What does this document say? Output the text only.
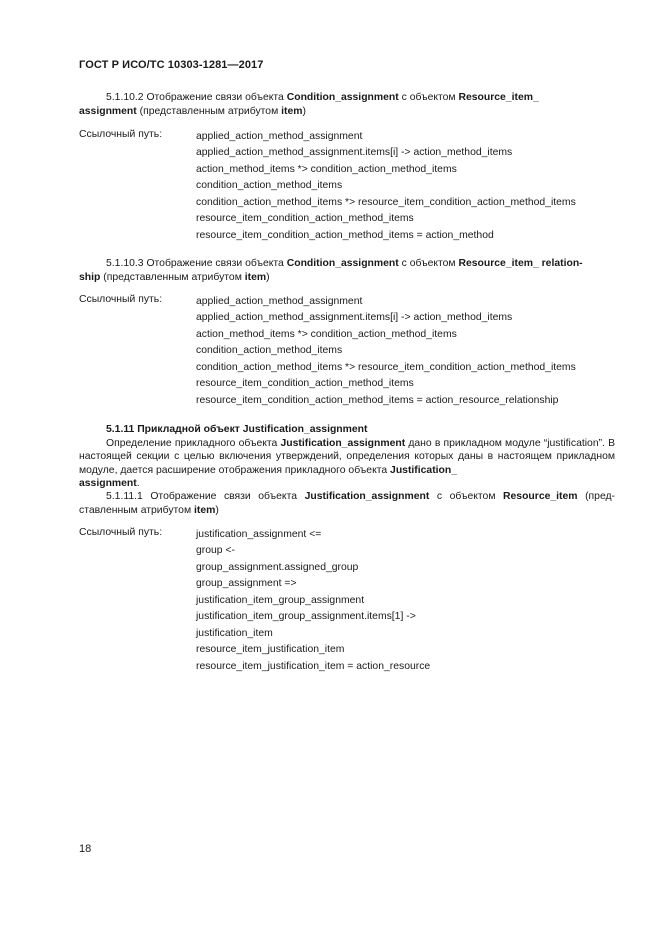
ГОСТ Р ИСО/ТС 10303-1281—2017
5.1.10.2 Отображение связи объекта Condition_assignment с объектом Resource_item_
assignment (представленным атрибутом item)
Ссылочный путь:	applied_action_method_assignment
applied_action_method_assignment.items[i] -> action_method_items
action_method_items *> condition_action_method_items
condition_action_method_items
condition_action_method_items *> resource_item_condition_action_method_items
resource_item_condition_action_method_items
resource_item_condition_action_method_items = action_method
5.1.10.3 Отображение связи объекта Condition_assignment с объектом Resource_item_ relation-
ship (представленным атрибутом item)
Ссылочный путь:	applied_action_method_assignment
applied_action_method_assignment.items[i] -> action_method_items
action_method_items *> condition_action_method_items
condition_action_method_items
condition_action_method_items *> resource_item_condition_action_method_items
resource_item_condition_action_method_items
resource_item_condition_action_method_items = action_resource_relationship
5.1.11 Прикладной объект Justification_assignment
Определение прикладного объекта Justification_assignment дано в прикладном модуле “justification”. В настоящей секции с целью включения утверждений, определения которых даны в настоящем прикладном модуле, дается расширение отображения прикладного объекта Justification_
assignment.
5.1.11.1 Отображение связи объекта Justification_assignment с объектом Resource_item (пред-ставленным атрибутом item)
Ссылочный путь:	justification_assignment <=
group <-
group_assignment.assigned_group
group_assignment =>
justification_item_group_assignment
justification_item_group_assignment.items[1] ->
justification_item
resource_item_justification_item
resource_item_justification_item = action_resource
18
